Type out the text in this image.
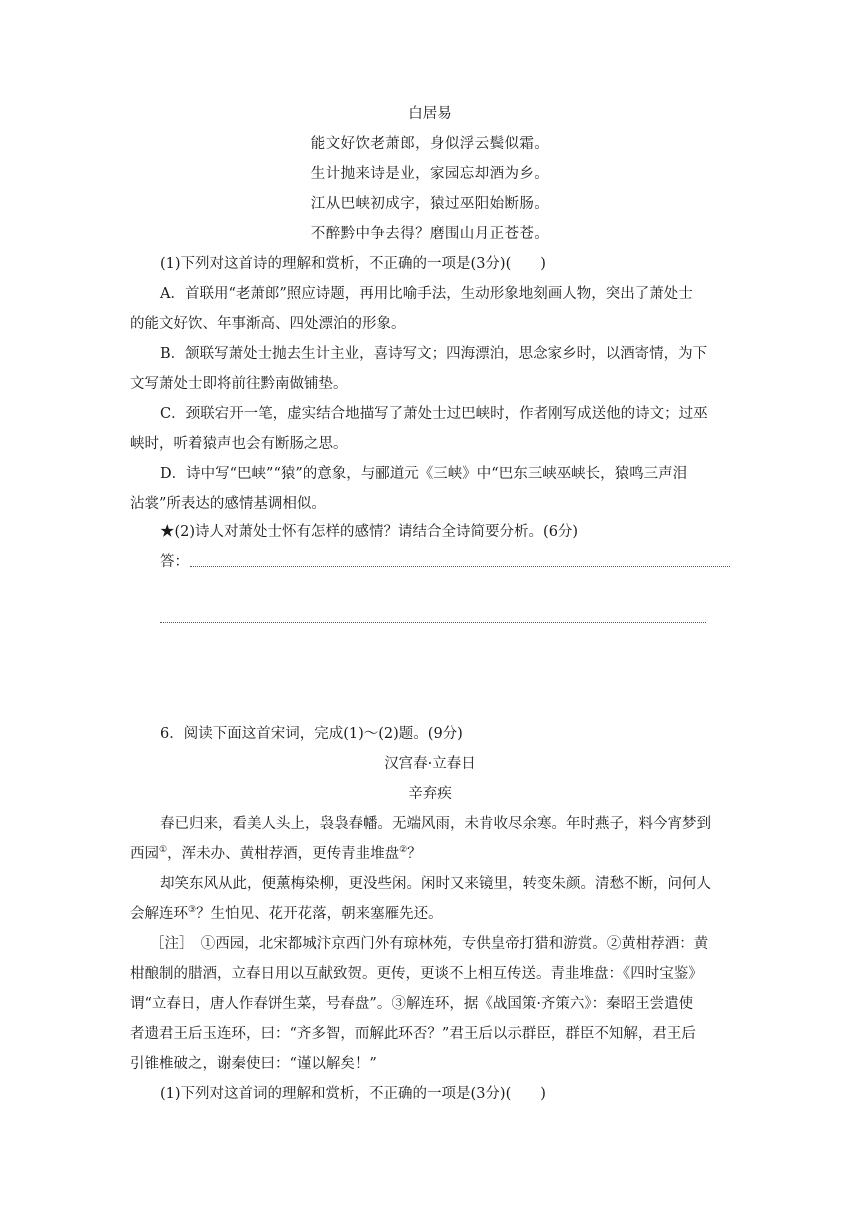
白居易
能文好饮老萧郎，身似浮云鬓似霜。
生计抛来诗是业，家园忘却酒为乡。
江从巴峡初成字，猿过巫阳始断肠。
不醉黔中争去得？磨围山月正苍苍。
(1)下列对这首诗的理解和赏析，不正确的一项是(3分)(　　)
A．首联用“老萧郎”照应诗题，再用比喻手法，生动形象地刻画人物，突出了萧处士
的能文好饮、年事渐高、四处漂泊的形象。
B．颔联写萧处士抛去生计主业，喜诗写文；四海漂泊，思念家乡时，以酒寄情，为下
文写萧处士即将前往黔南做铺垫。
C．颈联宕开一笔，虚实结合地描写了萧处士过巴峡时，作者刚写成送他的诗文；过巫
峡时，听着猿声也会有断肠之思。
D．诗中写“巴峡”“猿”的意象，与郦道元《三峡》中“巴东三峡巫峡长，猿鸣三声泪
沾裳”所表达的感情基调相似。
★(2)诗人对萧处士怀有怎样的感情？请结合全诗简要分析。(6分)
答：
6．阅读下面这首宋词，完成(1)～(2)题。(9分)
汉宫春·立春日
辛弃疾
春已归来，看美人头上，袅袅春幡。无端风雨，未肯收尽余寒。年时燕子，料今宵梦到
西园①，浑未办、黄柑荐酒，更传青韭堆盘②？
却笑东风从此，便薰梅染柳，更没些闲。闲时又来镜里，转变朱颜。清愁不断，问何人
会解连环③？生怕见、花开花落，朝来塞雁先还。
［注］　①西园，北宋都城汴京西门外有琼林苑，专供皇帝打猎和游赏。②黄柑荐酒：黄
柑酿制的腊酒，立春日用以互献致贺。更传，更谈不上相互传送。青韭堆盘：《四时宝鉴》
谓“立春日，唐人作春饼生菜，号春盘”。③解连环，据《战国策·齐策六》：秦昭王尝遣使
者遗君王后玉连环，曰：“齐多智，而解此环否？”君王后以示群臣，群臣不知解，君王后
引锥椎破之，谢秦使曰：“谨以解矣！”
(1)下列对这首词的理解和赏析，不正确的一项是(3分)(　　)
